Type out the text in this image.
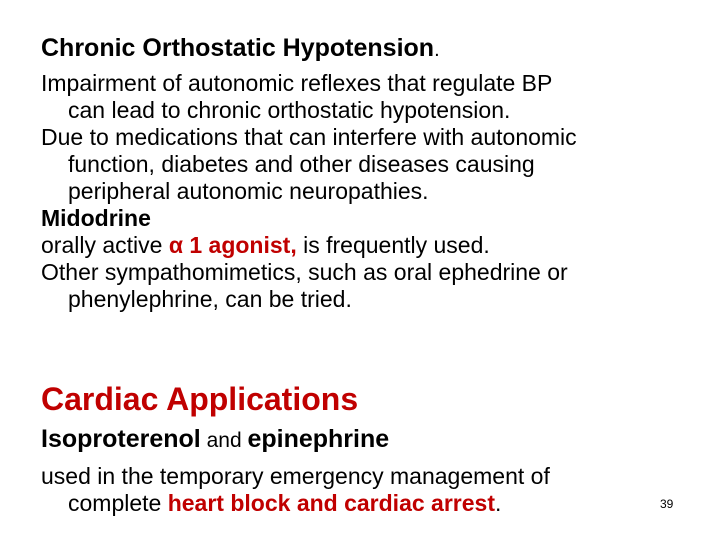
Chronic Orthostatic Hypotension.
Impairment of autonomic reflexes that regulate BP
can lead to chronic orthostatic hypotension.
Due to medications that can interfere with autonomic
function, diabetes and other diseases causing
peripheral autonomic neuropathies.
Midodrine
orally active α 1 agonist, is frequently used.
Other sympathomimetics, such as oral ephedrine or
phenylephrine, can be tried.
Cardiac Applications
Isoproterenol and epinephrine
used in the temporary emergency management of
complete heart block and cardiac arrest.	39
